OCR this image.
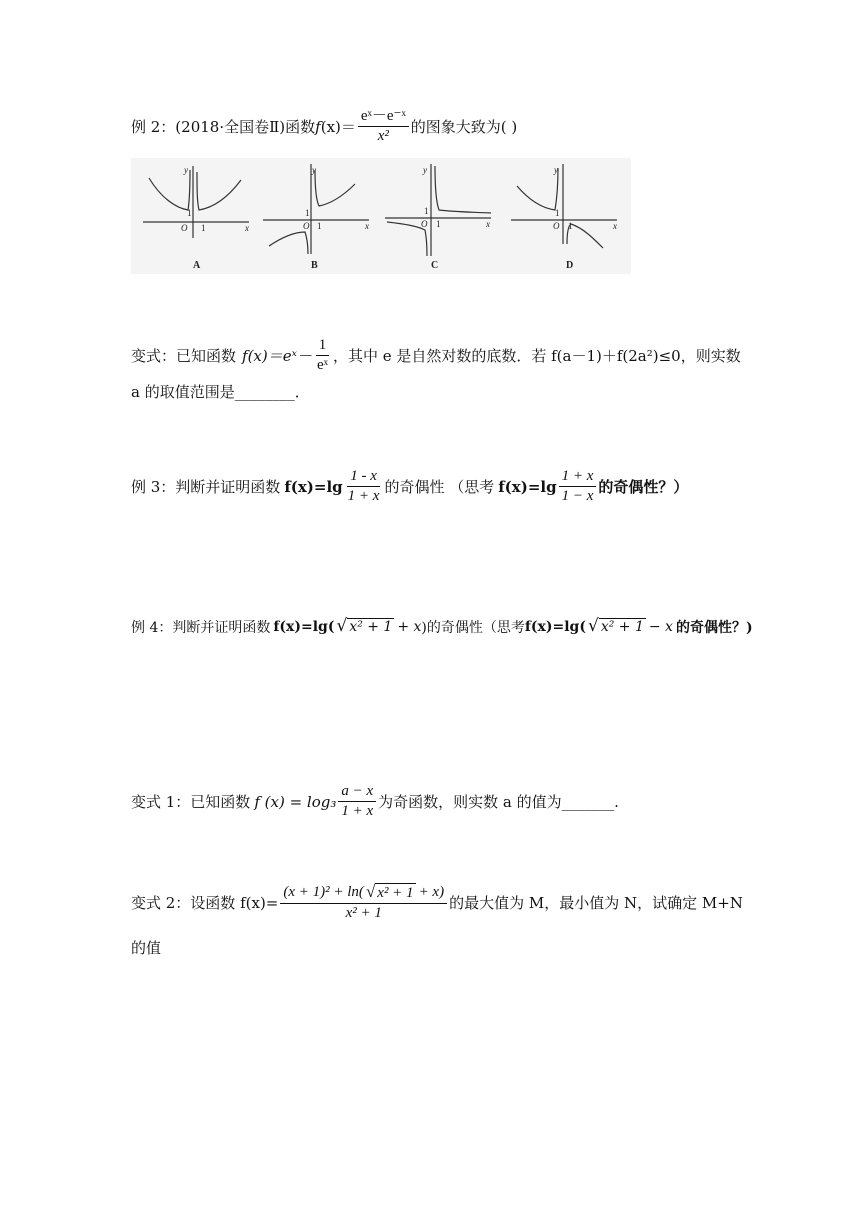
例 2：(2018·全国卷Ⅱ)函数 f $(x)= \frac{\text{eˣ－e⁻ˣ}}{\text{x²}}$ 的图象大致为( )
y
x
O
y
x
O
y
x
O
y
x
O
1
1
1
1
1
1
1
1
A	B	C	D
变式：已知函数 f(x)＝eˣ－ $\frac{1}{\text{eˣ}}$ ，其中 e 是自然对数的底数．若 f(a－1)＋f(2a²)≤0，则实数
a 的取值范围是________．
例 3：判断并证明函数 $f(x)=\lg \frac{1 - x}{1 + x}$ 的奇偶性 （思考 $f(x)=\lg \frac{1 + x}{1 - x}$ 的奇偶性？）
例 4：判断并证明函数 f(x)=lg( √ x² + 1 + x )的奇偶性（思考 f(x)=lg( √ x² + 1 − x 的奇偶性？)
变式 1：已知函数 f $(x) = \log_3 \frac{a - x}{1 + x}$ 为奇函数，则实数 a 的值为_______.
变式 2：设函数 $f(x)= \frac{\text{(x + 1)² + ln( √ x² + 1 + x)}}{\text{x² + 1}}$ 的最大值为 M，最小值为 N，试确定 M+N
的值
